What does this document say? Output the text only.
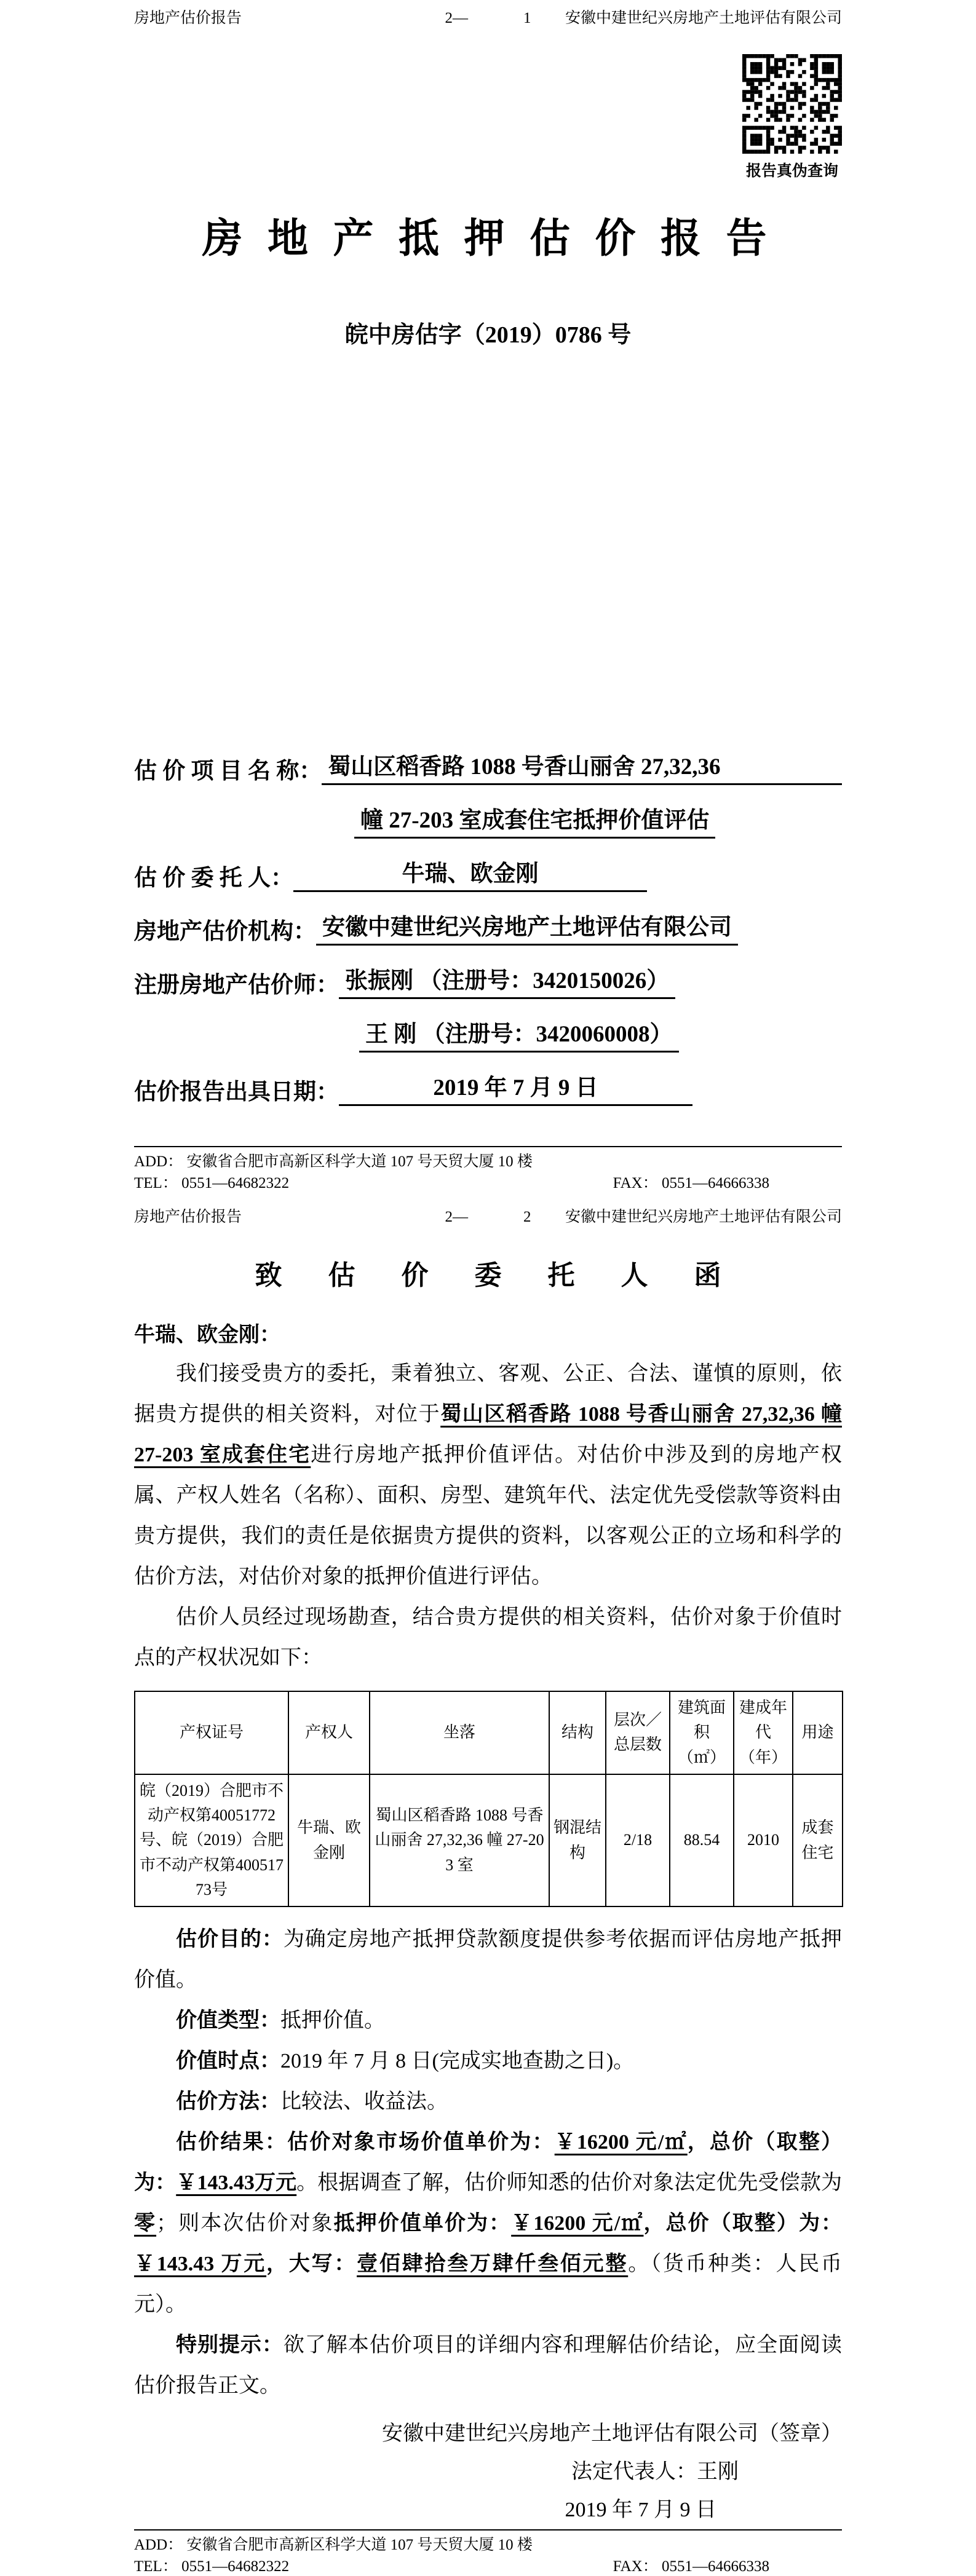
房地产估价报告	2—	1 安徽中建世纪兴房地产土地评估有限公司
报告真伪查询
房 地 产 抵 押 估 价 报 告
皖中房估字（2019）0786 号
估 价 项 目 名 称： 蜀山区稻香路 1088 号香山丽舍 27,32,36
幢 27-203 室成套住宅抵押价值评估
估 价 委 托 人：	牛瑞、欧金刚
房地产估价机构： 安徽中建世纪兴房地产土地评估有限公司
注册房地产估价师： 张振刚 （注册号：3420150026）
王 刚 （注册号：3420060008）
估价报告出具日期：	2019 年 7 月 9 日
ADD： 安徽省合肥市高新区科学大道 107 号天贸大厦 10 楼
TEL： 0551—64682322	FAX： 0551—64666338
房地产估价报告	2—	2 安徽中建世纪兴房地产土地评估有限公司
致 估 价 委 托 人 函
牛瑞、欧金刚：

我们接受贵方的委托，秉着独立、客观、公正、合法、谨慎的原则，依据贵方提供的相关资料，对位于蜀山区稻香路 1088 号香山丽舍 27,32,36 幢 27-203 室成套住宅进行房地产抵押价值评估。对估价中涉及到的房地产权属、产权人姓名（名称）、面积、房型、建筑年代、法定优先受偿款等资料由贵方提供，我们的责任是依据贵方提供的资料，以客观公正的立场和科学的估价方法，对估价对象的抵押价值进行评估。

估价人员经过现场勘查，结合贵方提供的相关资料，估价对象于价值时点的产权状况如下：

产权证号	产权人	坐落	结构	层次／总层数	建筑面积（㎡）	建成年代（年）	用途
皖（2019）合肥市不动产权第40051772号、皖（2019）合肥市不动产权第40051773号	牛瑞、欧金刚	蜀山区稻香路 1088 号香山丽舍 27,32,36 幢 27-203 室	钢混结构	2/18	88.54	2010	成套住宅

估价目的：为确定房地产抵押贷款额度提供参考依据而评估房地产抵押价值。

价值类型：抵押价值。

价值时点：2019 年 7 月 8 日(完成实地查勘之日)。

估价方法：比较法、收益法。

估价结果：估价对象市场价值单价为：￥16200 元/㎡，总价（取整）为：￥143.43万元。根据调查了解，估价师知悉的估价对象法定优先受偿款为零；则本次估价对象抵押价值单价为：￥16200 元/㎡，总价（取整）为：￥143.43 万元，大写：壹佰肆拾叁万肆仟叁佰元整。（货币种类：人民币元）。

特别提示：欲了解本估价项目的详细内容和理解估价结论，应全面阅读估价报告正文。

安徽中建世纪兴房地产土地评估有限公司（签章）
法定代表人：王刚
2019 年 7 月 9 日
ADD： 安徽省合肥市高新区科学大道 107 号天贸大厦 10 楼
TEL： 0551—64682322	FAX： 0551—64666338
